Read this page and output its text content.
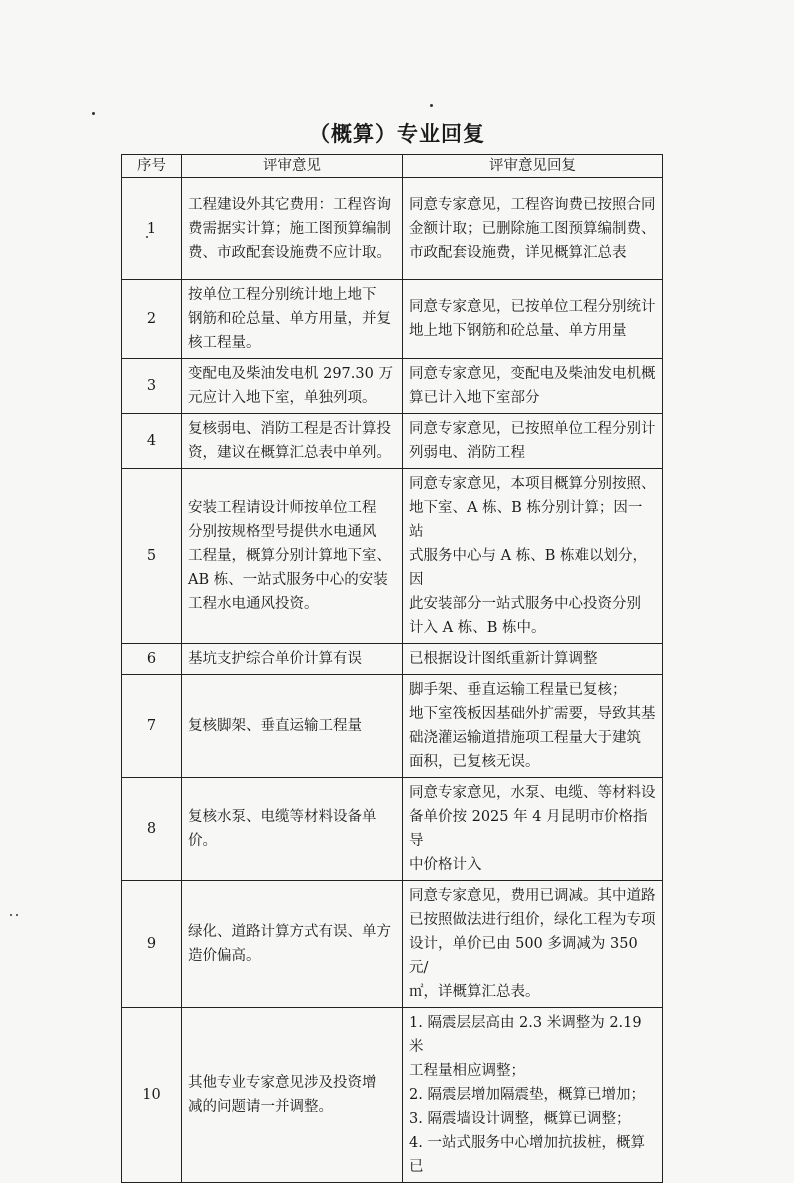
（概算）专业回复
序号	评审意见	评审意见回复
1	工程建设外其它费用：工程咨询
费需据实计算；施工图预算编制
费、市政配套设施费不应计取。	同意专家意见，工程咨询费已按照合同
金额计取；已删除施工图预算编制费、
市政配套设施费，详见概算汇总表

2	按单位工程分别统计地上地下
钢筋和砼总量、单方用量，并复
核工程量。	同意专家意见，已按单位工程分别统计
地上地下钢筋和砼总量、单方用量

3	变配电及柴油发电机 297.30 万
元应计入地下室，单独列项。	同意专家意见，变配电及柴油发电机概
算已计入地下室部分

4	复核弱电、消防工程是否计算投
资，建议在概算汇总表中单列。	同意专家意见，已按照单位工程分别计
列弱电、消防工程

5	安装工程请设计师按单位工程
分别按规格型号提供水电通风
工程量，概算分别计算地下室、
AB 栋、一站式服务中心的安装
工程水电通风投资。	同意专家意见，本项目概算分别按照、
地下室、A 栋、B 栋分别计算；因一站
式服务中心与 A 栋、B 栋难以划分，因
此安装部分一站式服务中心投资分别
计入 A 栋、B 栋中。

6	基坑支护综合单价计算有误	已根据设计图纸重新计算调整

7	复核脚架、垂直运输工程量	脚手架、垂直运输工程量已复核；
地下室筏板因基础外扩需要，导致其基
础浇灌运输道措施项工程量大于建筑
面积，已复核无误。

8	复核水泵、电缆等材料设备单
价。	同意专家意见，水泵、电缆、等材料设
备单价按 2025 年 4 月昆明市价格指导
中价格计入

9	绿化、道路计算方式有误、单方
造价偏高。	同意专家意见，费用已调减。其中道路
已按照做法进行组价，绿化工程为专项
设计，单价已由 500 多调减为 350 元/
㎡，详概算汇总表。

10	其他专业专家意见涉及投资增
减的问题请一并调整。	1. 隔震层层高由 2.3 米调整为 2.19 米
工程量相应调整；
2. 隔震层增加隔震垫，概算已增加；
3. 隔震墙设计调整，概算已调整；
4. 一站式服务中心增加抗拔桩，概算已
